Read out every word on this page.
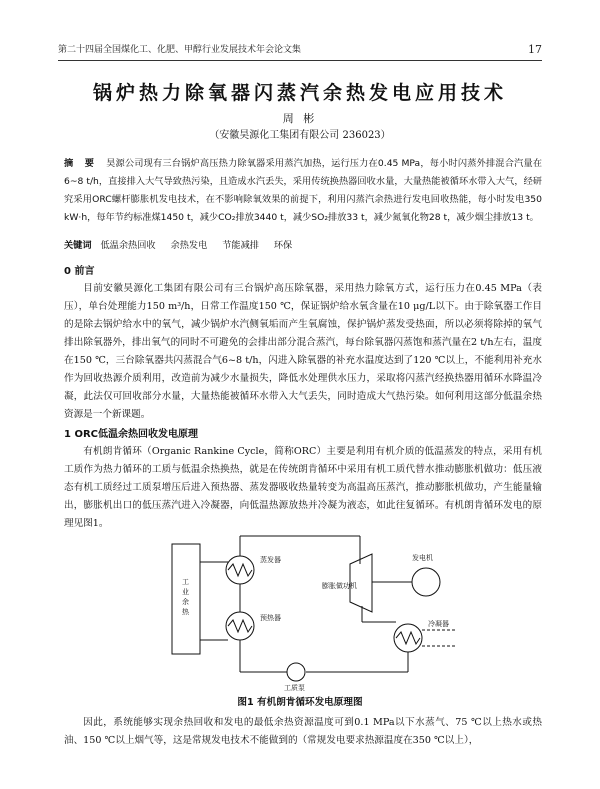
第二十四届全国煤化工、化肥、甲醇行业发展技术年会论文集	17
锅炉热力除氧器闪蒸汽余热发电应用技术
周 彬
（安徽昊源化工集团有限公司 236023）
摘 要 昊源公司现有三台锅炉高压热力除氧器采用蒸汽加热，运行压力在0.45 MPa，每小时闪蒸外排混合汽量在6~8 t/h，直接排入大气导致热污染，且造成水汽丢失，采用传统换热器回收水量，大量热能被循环水带入大气，经研究采用ORC螺杆膨胀机发电技术，在不影响除氧效果的前提下，利用闪蒸汽余热进行发电回收热能，每小时发电350 kW·h，每年节约标准煤1450 t，减少CO₂排放3440 t，减少SO₂排放33 t，减少氮氧化物28 t，减少烟尘排放13 t。
关键词 低温余热回收 余热发电 节能减排 环保
0 前言
目前安徽昊源化工集团有限公司有三台锅炉高压除氧器，采用热力除氧方式，运行压力在0.45 MPa（表压），单台处理能力150 m³/h，日常工作温度150 ℃，保证锅炉给水氧含量在10 μg/L以下。由于除氧器工作目的是除去锅炉给水中的氧气，减少锅炉水汽侧氧垢而产生氧腐蚀，保护锅炉蒸发受热面，所以必须将除掉的氧气排出除氧器外，排出氧气的同时不可避免的会排出部分混合蒸汽，每台除氧器闪蒸饱和蒸汽量在2 t/h左右，温度在150 ℃，三台除氧器共闪蒸混合气6~8 t/h，闪进入除氧器的补充水温度达到了120 ℃以上，不能利用补充水作为回收热源介质利用，改造前为减少水量损失，降低水处理供水压力，采取将闪蒸汽经换热器用循环水降温冷凝，此法仅可回收部分水量，大量热能被循环水带入大气丢失，同时造成大气热污染。如何利用这部分低温余热资源是一个新课题。
1 ORC低温余热回收发电原理
有机朗肯循环（Organic Rankine Cycle，简称ORC）主要是利用有机介质的低温蒸发的特点，采用有机工质作为热力循环的工质与低温余热换热，就是在传统朗肯循环中采用有机工质代替水推动膨胀机做功：低压液态有机工质经过工质泵增压后进入预热器、蒸发器吸收热量转变为高温高压蒸汽，推动膨胀机做功，产生能量输出，膨胀机出口的低压蒸汽进入冷凝器，向低温热源放热并冷凝为液态，如此往复循环。有机朗肯循环发电的原理见图1。
工业余热
蒸发器
预热器
膨胀做功机
发电机
冷凝器
工质泵
图1 有机朗肯循环发电原理图
因此，系统能够实现余热回收和发电的最低余热资源温度可到0.1 MPa以下水蒸气、75 ℃以上热水或热油、150 ℃以上烟气等，这是常规发电技术不能做到的（常规发电要求热源温度在350 ℃以上），
